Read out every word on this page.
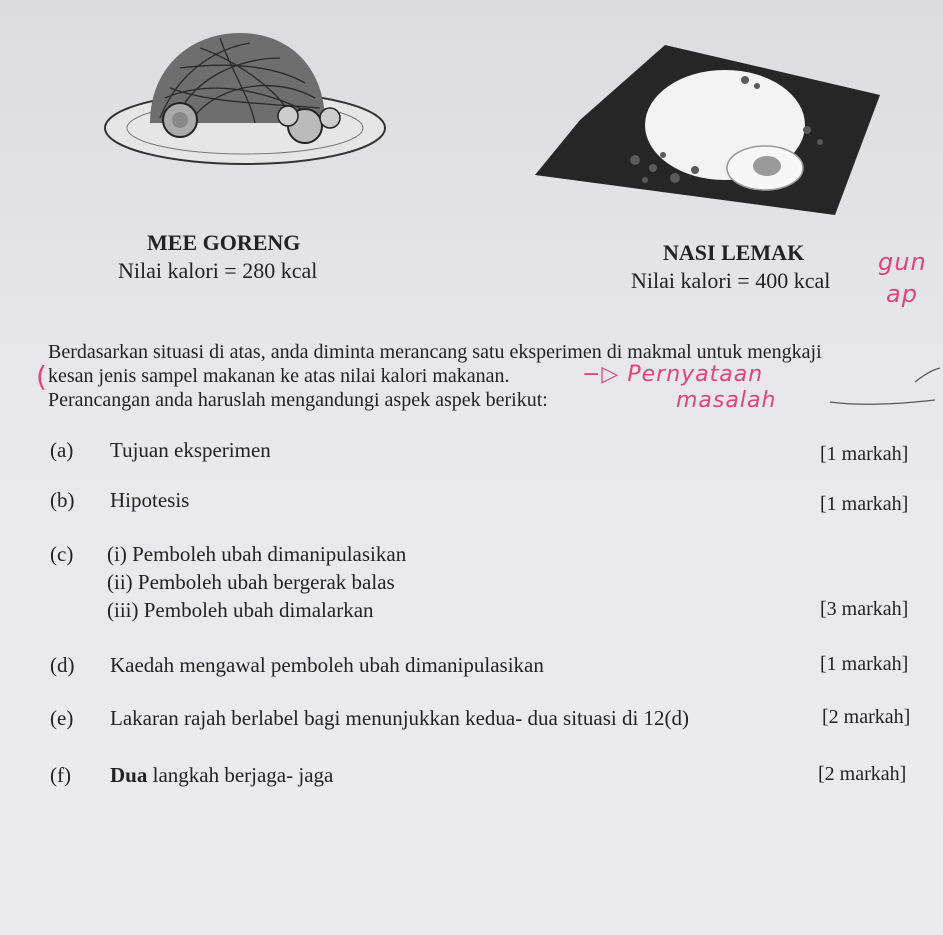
MEE GORENG
Nilai kalori = 280 kcal
NASI LEMAK
Nilai kalori = 400 kcal
gun
ap
Berdasarkan situasi di atas, anda diminta merancang satu eksperimen di makmal untuk mengkaji
kesan jenis sampel makanan ke atas nilai kalori makanan.
Perancangan anda haruslah mengandungi aspek aspek berikut:
(	−▷ Pernyataan
masalah
(a) Tujuan eksperimen	[1 markah]
(b) Hipotesis	[1 markah]
(c) (i) Pemboleh ubah dimanipulasikan
(ii) Pemboleh ubah bergerak balas
(iii) Pemboleh ubah dimalarkan	[3 markah]
(d) Kaedah mengawal pemboleh ubah dimanipulasikan	[1 markah]
(e) Lakaran rajah berlabel bagi menunjukkan kedua- dua situasi di 12(d)	[2 markah]
(f) Dua langkah berjaga- jaga	[2 markah]
